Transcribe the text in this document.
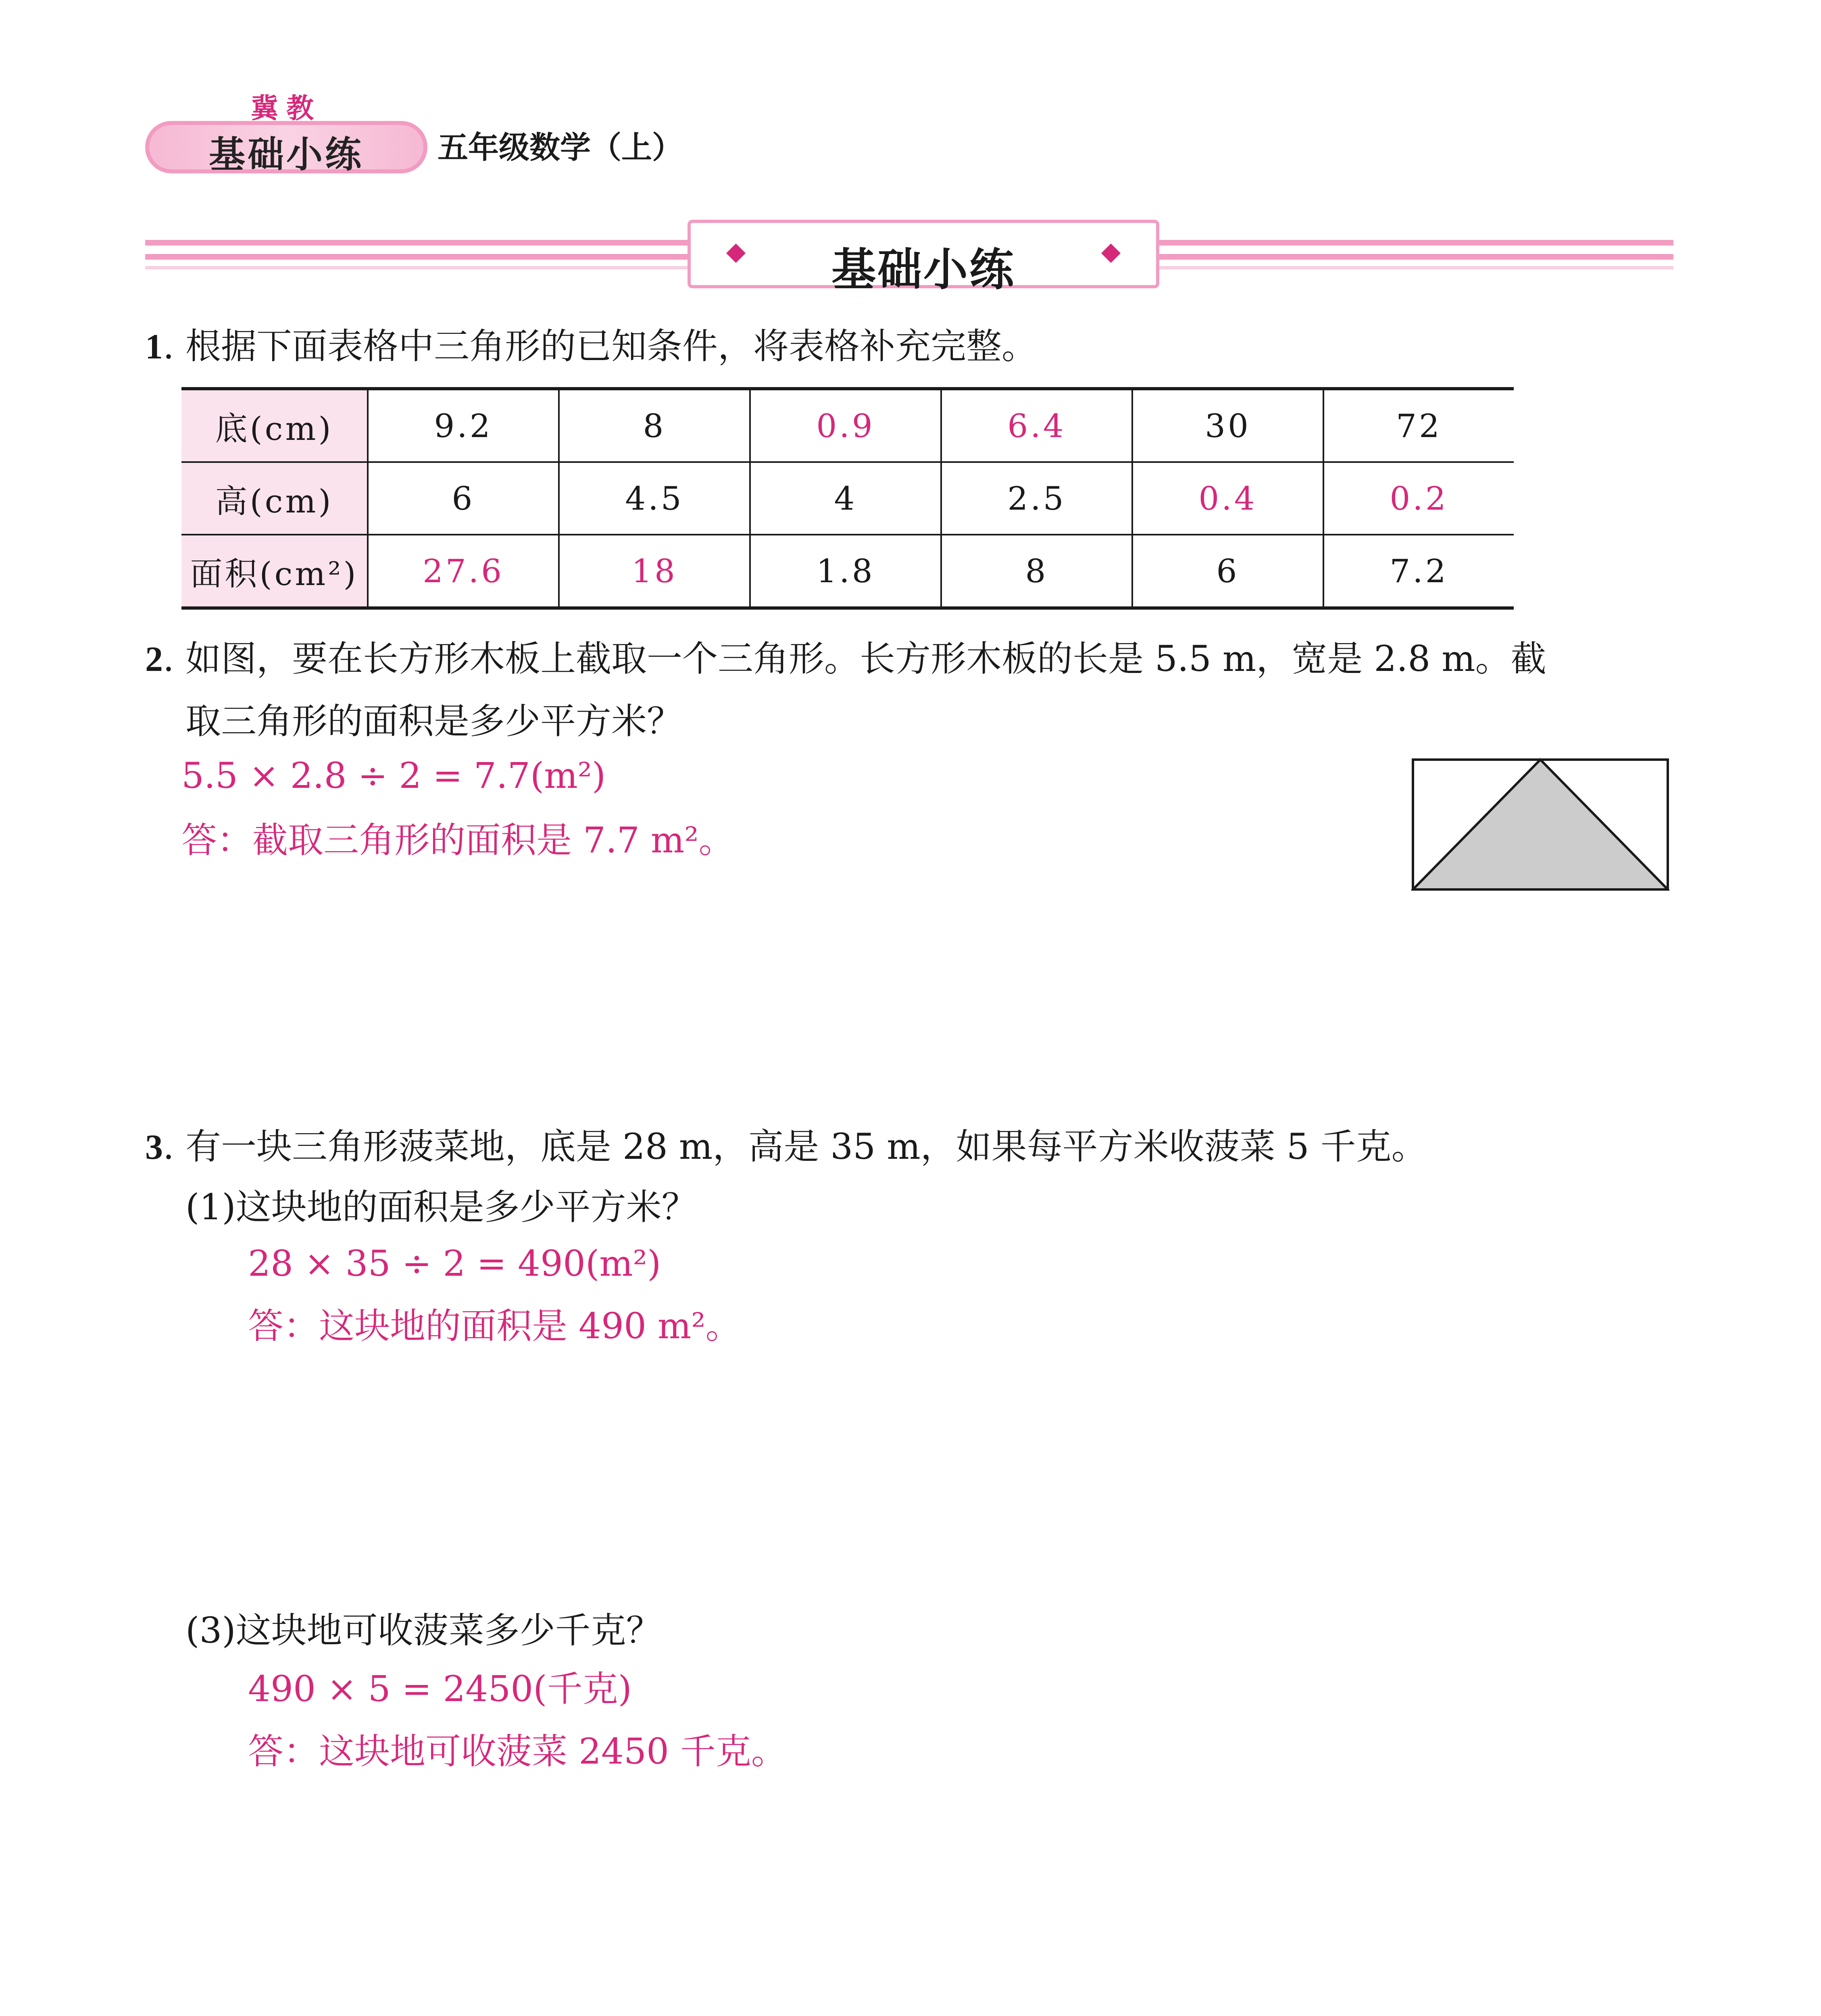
冀教
基础小练	五年级数学（上）
基础小练
1. 根据下面表格中三角形的已知条件，将表格补充完整。
底(cm)	9.2	8	0.9	6.4	30	72
高(cm)	6	4.5	4	2.5	0.4	0.2
面积(cm²)	27.6	18	1.8	8	6	7.2
2. 如图，要在长方形木板上截取一个三角形。长方形木板的长是 5.5 m，宽是 2.8 m。截
取三角形的面积是多少平方米？
5.5 × 2.8 ÷ 2 = 7.7(m²)
答：截取三角形的面积是 7.7 m²。
3. 有一块三角形菠菜地，底是 28 m，高是 35 m，如果每平方米收菠菜 5 千克。
(1)这块地的面积是多少平方米？
28 × 35 ÷ 2 = 490(m²)
答：这块地的面积是 490 m²。
(3)这块地可收菠菜多少千克？
490 × 5 = 2450(千克)
答：这块地可收菠菜 2450 千克。
